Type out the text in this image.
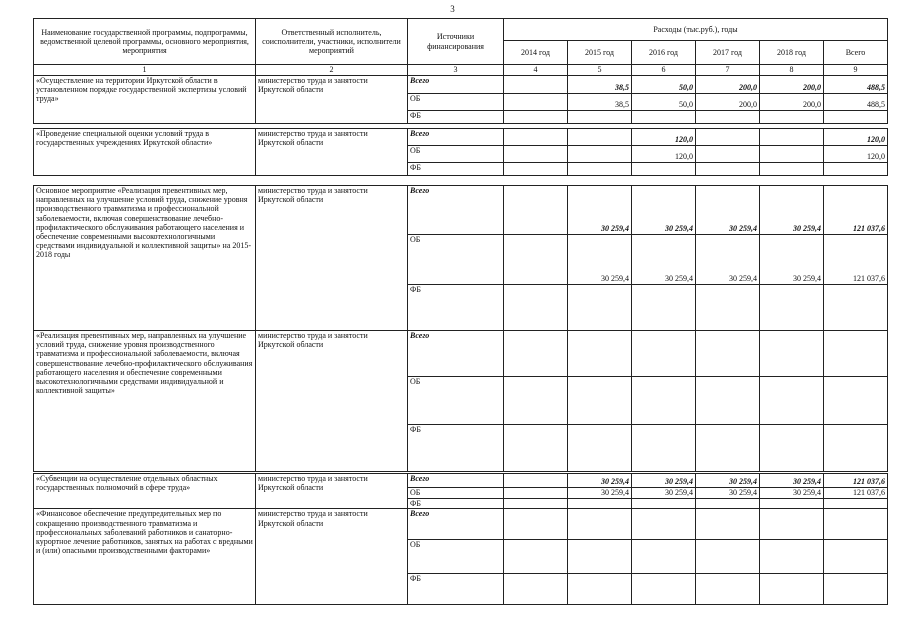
3
Наименование государственной программы, подпрограммы, ведомственной целевой программы, основного мероприятия, мероприятия	Ответственный исполнитель, соисполнители, участники, исполнители мероприятий	Источники финансирования	Расходы (тыс.руб.), годы					
			2014 год	2015 год	2016 год	2017 год	2018 год	Всего
1	2	3	4	5	6	7	8	9
«Осуществление на территории Иркутской области в установленном порядке государственной экспертизы условий труда»	министерство труда и занятости Иркутской области	Всего		38,5	50,0	200,0	200,0	488,5
		ОБ		38,5	50,0	200,0	200,0	488,5
		ФБ						

«Проведение специальной оценки условий труда в государственных учреждениях Иркутской области»	министерство труда и занятости Иркутской области	Всего			120,0			120,0
		ОБ			120,0			120,0
		ФБ						

Основное мероприятие «Реализация превентивных мер, направленных на улучшение условий труда, снижение уровня производственного травматизма и профессиональной заболеваемости, включая совершенствование лечебно-профилактического обслуживания работающего населения и обеспечение современными высокотехнологичными средствами индивидуальной и коллективной защиты» на 2015-2018 годы	министерство труда и занятости Иркутской области	Всего		30 259,4	30 259,4	30 259,4	30 259,4	121 037,6
		ОБ		30 259,4	30 259,4	30 259,4	30 259,4	121 037,6
		ФБ						
«Реализация превентивных мер, направленных на улучшение условий труда, снижение уровня производственного травматизма и профессиональной заболеваемости, включая совершенствование лечебно-профилактического обслуживания работающего населения и обеспечение современными высокотехнологичными средствами индивидуальной и коллективной защиты»	министерство труда и занятости Иркутской области	Всего						
		ОБ						
		ФБ						

«Субвенции на осуществление отдельных областных государственных полномочий в сфере труда»	министерство труда и занятости Иркутской области	Всего		30 259,4	30 259,4	30 259,4	30 259,4	121 037,6
		ОБ		30 259,4	30 259,4	30 259,4	30 259,4	121 037,6
		ФБ						
«Финансовое обеспечение предупредительных мер по сокращению производственного травматизма и профессиональных заболеваний работников и санаторно-курортное лечение работников, занятых на работах с вредными и (или) опасными производственными факторами»	министерство труда и занятости Иркутской области	Всего						
		ОБ						
		ФБ						
